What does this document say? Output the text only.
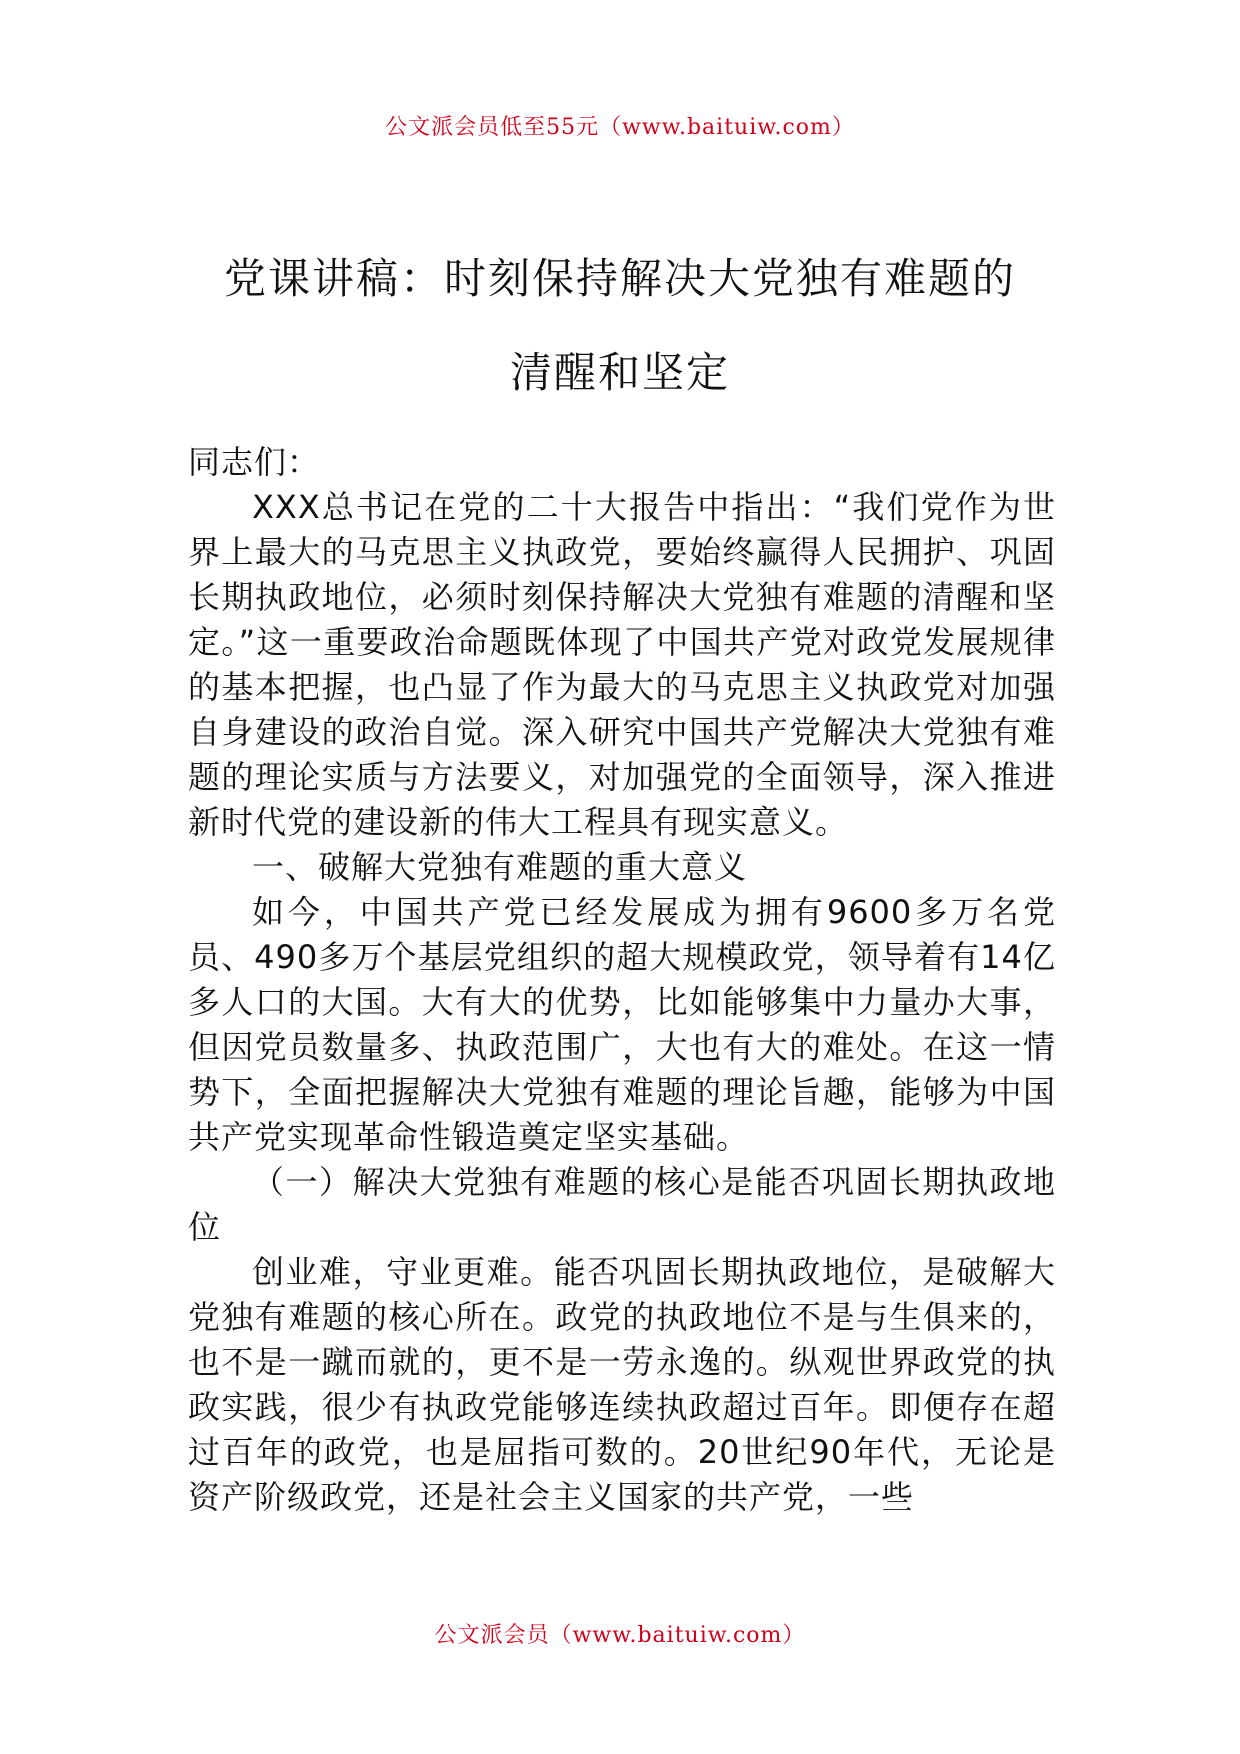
公文派会员低至55元（www.baituiw.com）
党课讲稿：时刻保持解决大党独有难题的
清醒和坚定

同志们：

XXX总书记在党的二十大报告中指出：“我们党作为世界上最大的马克思主义执政党，要始终赢得人民拥护、巩固长期执政地位，必须时刻保持解决大党独有难题的清醒和坚定。”这一重要政治命题既体现了中国共产党对政党发展规律的基本把握，也凸显了作为最大的马克思主义执政党对加强自身建设的政治自觉。深入研究中国共产党解决大党独有难题的理论实质与方法要义，对加强党的全面领导，深入推进新时代党的建设新的伟大工程具有现实意义。

一、破解大党独有难题的重大意义

如今，中国共产党已经发展成为拥有9600多万名党员、490多万个基层党组织的超大规模政党，领导着有14亿多人口的大国。大有大的优势，比如能够集中力量办大事，但因党员数量多、执政范围广，大也有大的难处。在这一情势下，全面把握解决大党独有难题的理论旨趣，能够为中国共产党实现革命性锻造奠定坚实基础。

（一）解决大党独有难题的核心是能否巩固长期执政地位

创业难，守业更难。能否巩固长期执政地位，是破解大党独有难题的核心所在。政党的执政地位不是与生俱来的，也不是一蹴而就的，更不是一劳永逸的。纵观世界政党的执政实践，很少有执政党能够连续执政超过百年。即便存在超过百年的政党，也是屈指可数的。20世纪90年代，无论是资产阶级政党，还是社会主义国家的共产党，一些

公文派会员（www.baituiw.com）
